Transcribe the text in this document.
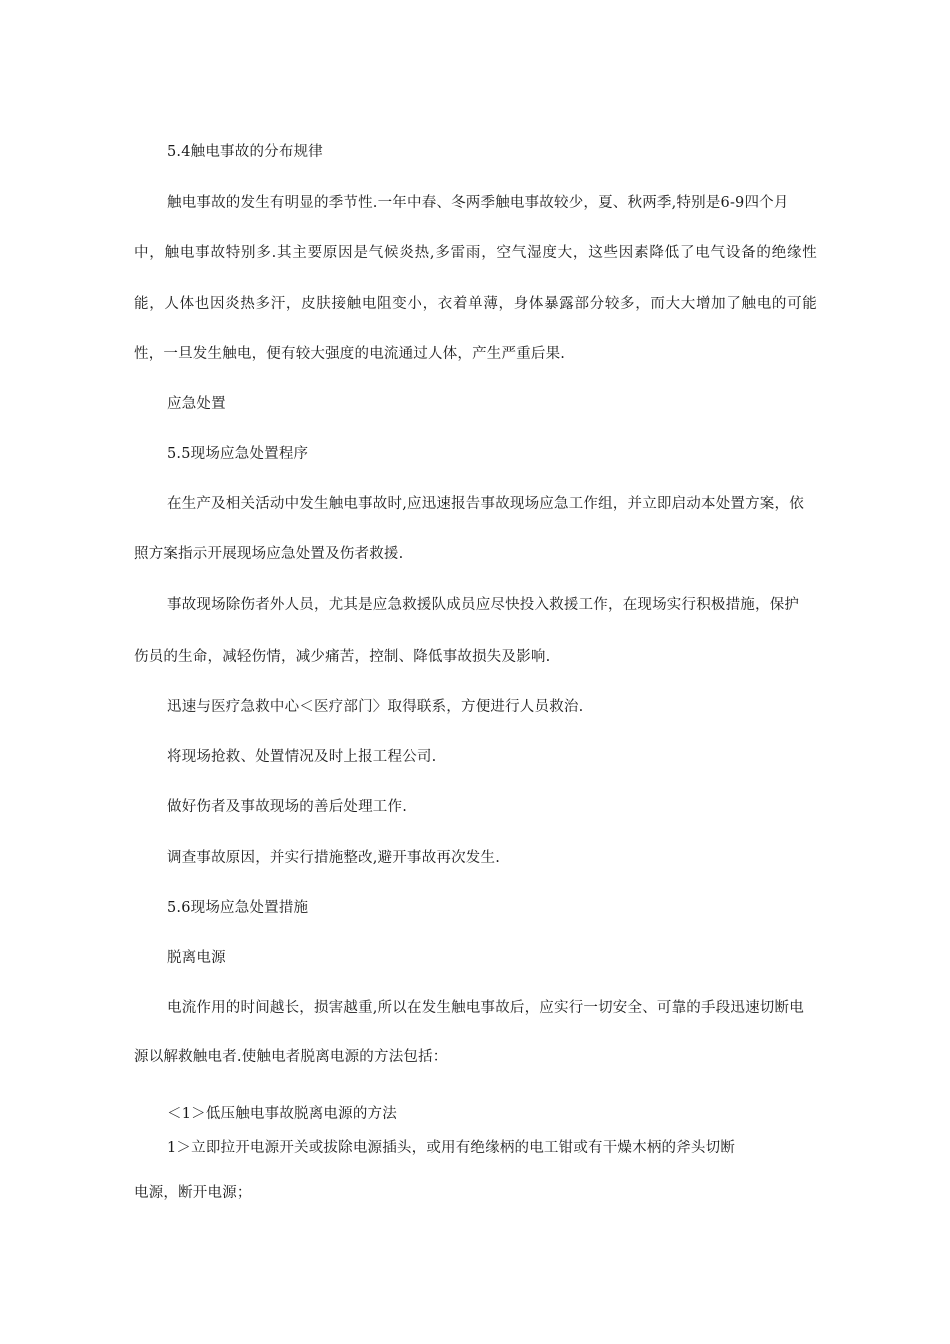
5.4触电事故的分布规律
触电事故的发生有明显的季节性.一年中春、冬两季触电事故较少，夏、秋两季,特别是6-9四个月
中，触电事故特别多.其主要原因是气候炎热,多雷雨，空气湿度大，这些因素降低了电气设备的绝缘性
能，人体也因炎热多汗，皮肤接触电阻变小，衣着单薄，身体暴露部分较多，而大大增加了触电的可能
性，一旦发生触电，便有较大强度的电流通过人体，产生严重后果.
应急处置
5.5现场应急处置程序
在生产及相关活动中发生触电事故时,应迅速报告事故现场应急工作组，并立即启动本处置方案，依
照方案指示开展现场应急处置及伤者救援.
事故现场除伤者外人员，尤其是应急救援队成员应尽快投入救援工作，在现场实行积极措施，保护
伤员的生命，减轻伤情，减少痛苦，控制、降低事故损失及影响.
迅速与医疗急救中心＜医疗部门〉取得联系，方便进行人员救治.
将现场抢救、处置情况及时上报工程公司.
做好伤者及事故现场的善后处理工作.
调查事故原因，并实行措施整改,避开事故再次发生.
5.6现场应急处置措施
脱离电源
电流作用的时间越长，损害越重,所以在发生触电事故后，应实行一切安全、可靠的手段迅速切断电
源以解救触电者.使触电者脱离电源的方法包括：
＜1＞低压触电事故脱离电源的方法
1＞立即拉开电源开关或拔除电源插头，或用有绝缘柄的电工钳或有干燥木柄的斧头切断
电源，断开电源；
